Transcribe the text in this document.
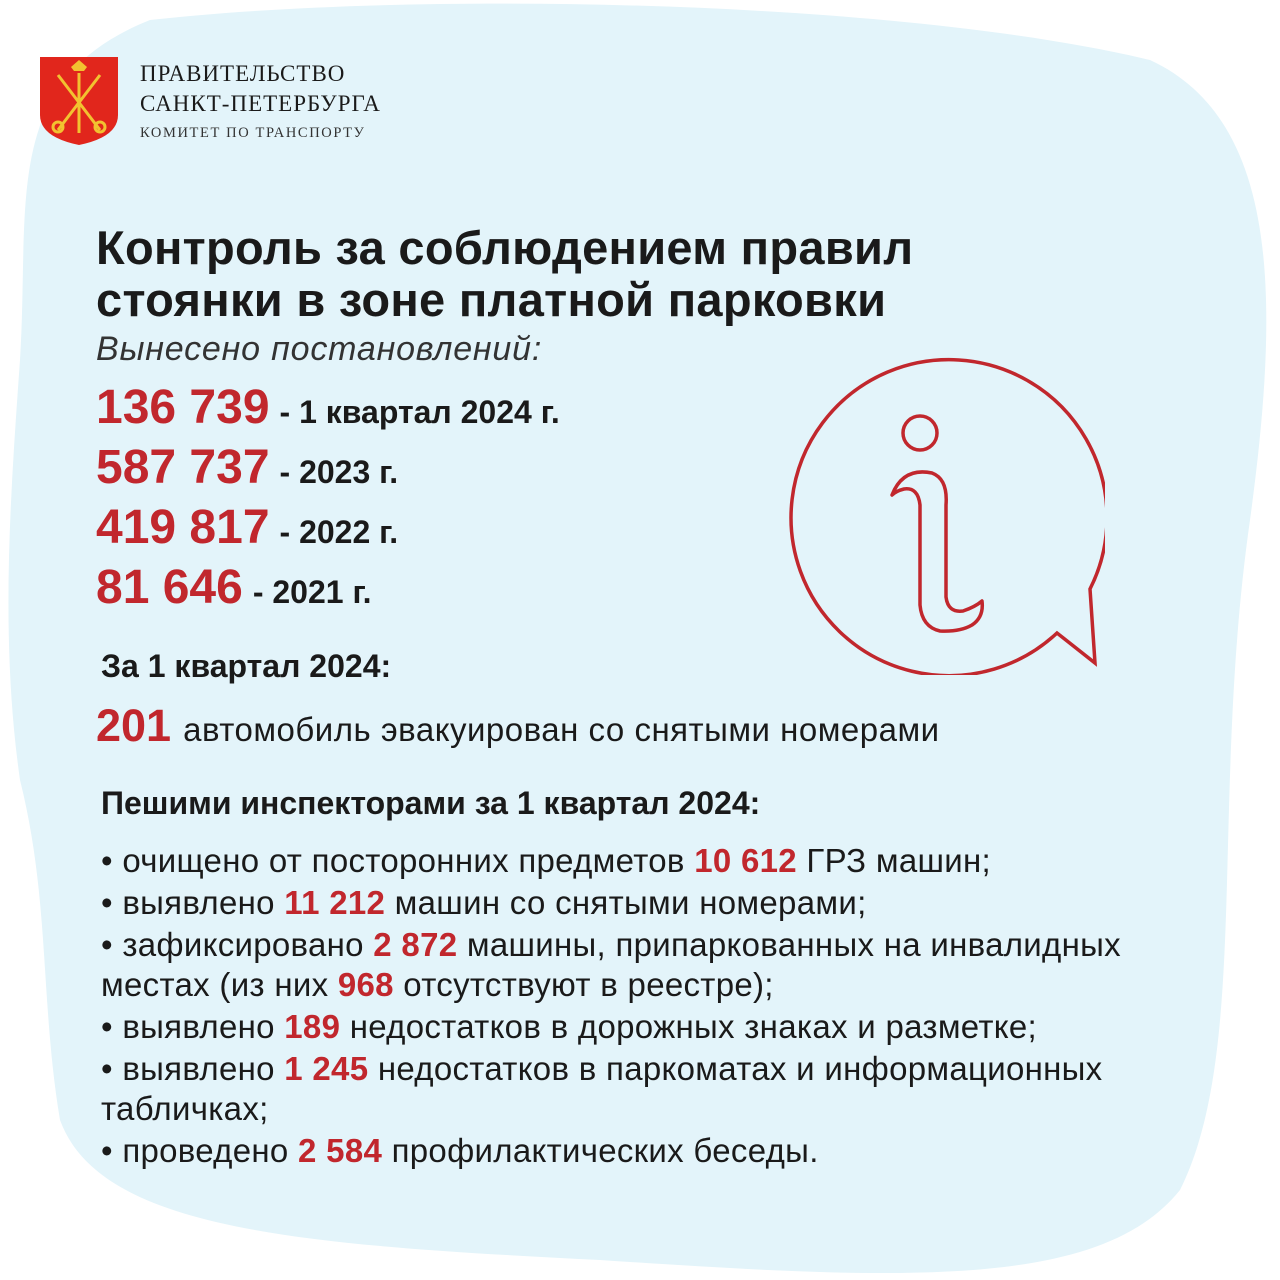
ПРАВИТЕЛЬСТВО
САНКТ-ПЕТЕРБУРГА
КОМИТЕТ ПО ТРАНСПОРТУ
Контроль за соблюдением правил
стоянки в зоне платной парковки
Вынесено постановлений:
136 739 - 1 квартал 2024 г.
587 737 - 2023 г.
419 817 - 2022 г.
81 646 - 2021 г.
За 1 квартал 2024:
201 автомобиль эвакуирован со снятыми номерами
Пешими инспекторами за 1 квартал 2024:
• очищено от посторонних предметов 10 612 ГРЗ машин;
• выявлено 11 212 машин со снятыми номерами;
• зафиксировано 2 872 машины, припаркованных на инвалидных местах (из них 968 отсутствуют в реестре);
• выявлено 189 недостатков в дорожных знаках и разметке;
• выявлено 1 245 недостатков в паркоматах и информационных табличках;
• проведено 2 584 профилактических беседы.
